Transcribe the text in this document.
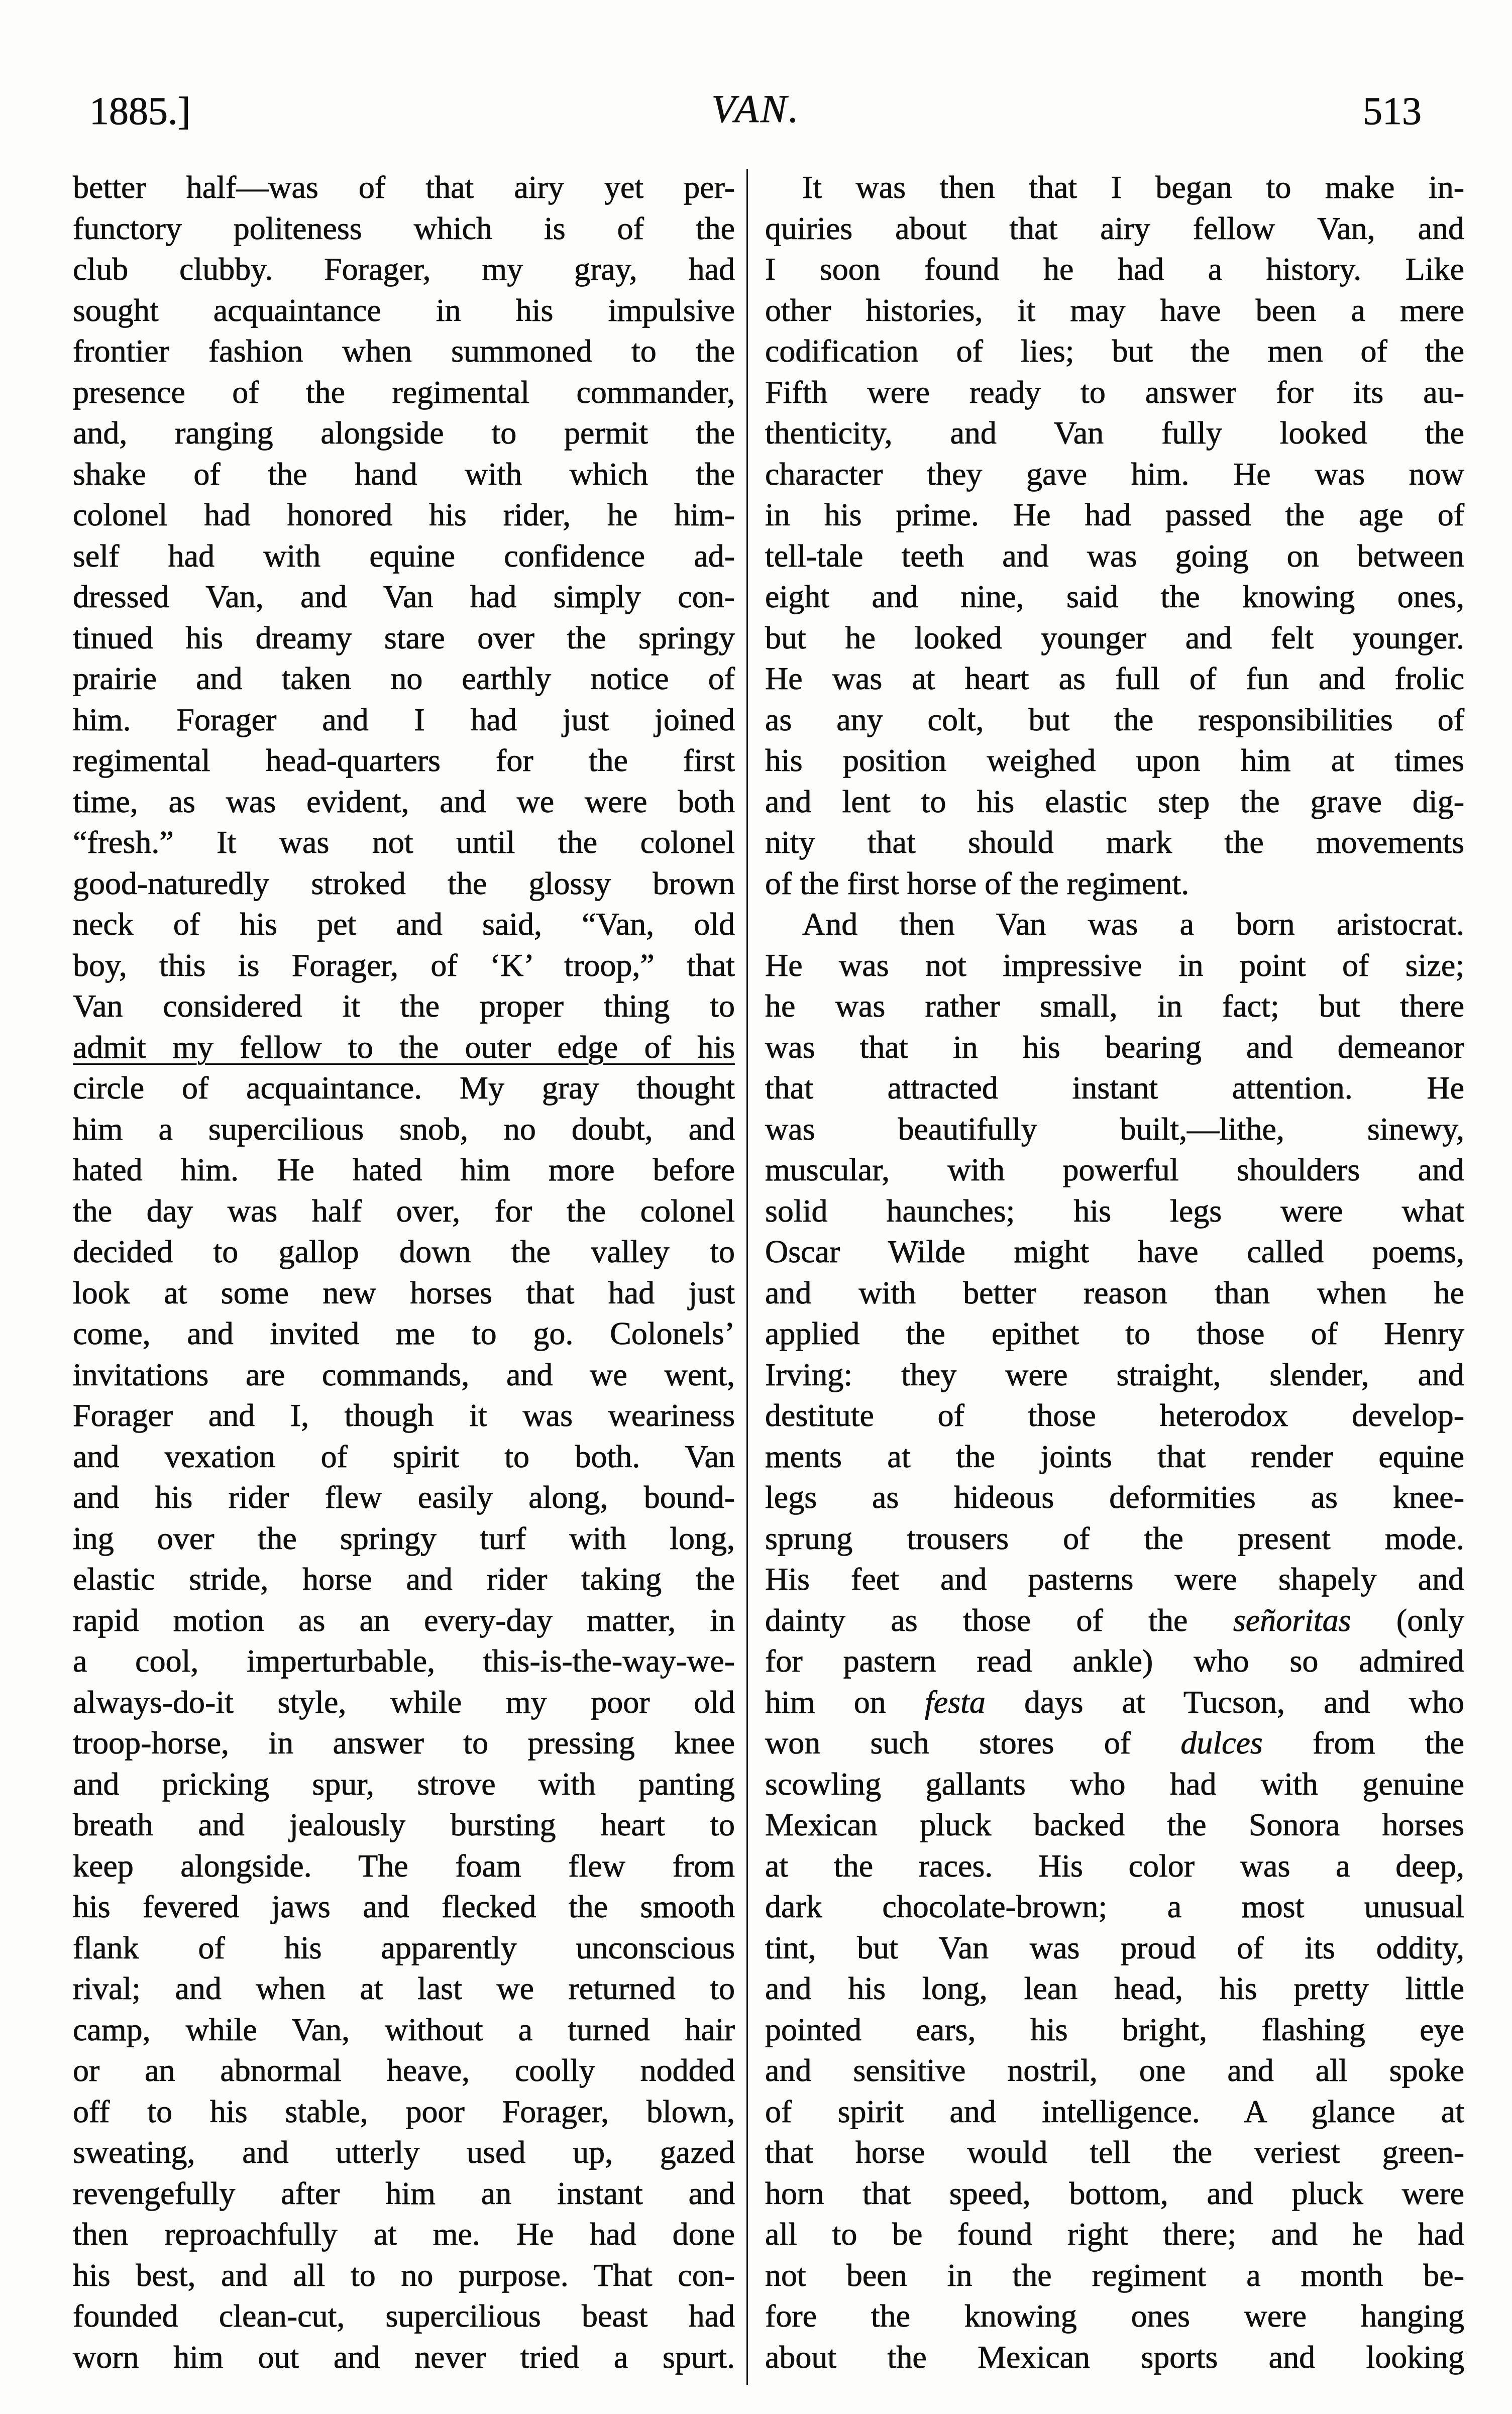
1885.]	VAN.	513
better half—was of that airy yet per-
functory politeness which is of the
club clubby. Forager, my gray, had
sought acquaintance in his impulsive
frontier fashion when summoned to the
presence of the regimental commander,
and, ranging alongside to permit the
shake of the hand with which the
colonel had honored his rider, he him-
self had with equine confidence ad-
dressed Van, and Van had simply con-
tinued his dreamy stare over the springy
prairie and taken no earthly notice of
him. Forager and I had just joined
regimental head-quarters for the first
time, as was evident, and we were both
“fresh.” It was not until the colonel
good-naturedly stroked the glossy brown
neck of his pet and said, “Van, old
boy, this is Forager, of ‘K’ troop,” that
Van considered it the proper thing to
admit my fellow to the outer edge of his
circle of acquaintance. My gray thought
him a supercilious snob, no doubt, and
hated him. He hated him more before
the day was half over, for the colonel
decided to gallop down the valley to
look at some new horses that had just
come, and invited me to go. Colonels’
invitations are commands, and we went,
Forager and I, though it was weariness
and vexation of spirit to both. Van
and his rider flew easily along, bound-
ing over the springy turf with long,
elastic stride, horse and rider taking the
rapid motion as an every-day matter, in
a cool, imperturbable, this-is-the-way-we-
always-do-it style, while my poor old
troop-horse, in answer to pressing knee
and pricking spur, strove with panting
breath and jealously bursting heart to
keep alongside. The foam flew from
his fevered jaws and flecked the smooth
flank of his apparently unconscious
rival; and when at last we returned to
camp, while Van, without a turned hair
or an abnormal heave, coolly nodded
off to his stable, poor Forager, blown,
sweating, and utterly used up, gazed
revengefully after him an instant and
then reproachfully at me. He had done
his best, and all to no purpose. That con-
founded clean-cut, supercilious beast had
worn him out and never tried a spurt.
It was then that I began to make in-
quiries about that airy fellow Van, and
I soon found he had a history. Like
other histories, it may have been a mere
codification of lies; but the men of the
Fifth were ready to answer for its au-
thenticity, and Van fully looked the
character they gave him. He was now
in his prime. He had passed the age of
tell-tale teeth and was going on between
eight and nine, said the knowing ones,
but he looked younger and felt younger.
He was at heart as full of fun and frolic
as any colt, but the responsibilities of
his position weighed upon him at times
and lent to his elastic step the grave dig-
nity that should mark the movements
of the first horse of the regiment.
And then Van was a born aristocrat.
He was not impressive in point of size;
he was rather small, in fact; but there
was that in his bearing and demeanor
that attracted instant attention. He
was beautifully built,—lithe, sinewy,
muscular, with powerful shoulders and
solid haunches; his legs were what
Oscar Wilde might have called poems,
and with better reason than when he
applied the epithet to those of Henry
Irving: they were straight, slender, and
destitute of those heterodox develop-
ments at the joints that render equine
legs as hideous deformities as knee-
sprung trousers of the present mode.
His feet and pasterns were shapely and
dainty as those of the señoritas (only
for pastern read ankle) who so admired
him on festa days at Tucson, and who
won such stores of dulces from the
scowling gallants who had with genuine
Mexican pluck backed the Sonora horses
at the races. His color was a deep,
dark chocolate-brown; a most unusual
tint, but Van was proud of its oddity,
and his long, lean head, his pretty little
pointed ears, his bright, flashing eye
and sensitive nostril, one and all spoke
of spirit and intelligence. A glance at
that horse would tell the veriest green-
horn that speed, bottom, and pluck were
all to be found right there; and he had
not been in the regiment a month be-
fore the knowing ones were hanging
about the Mexican sports and looking
